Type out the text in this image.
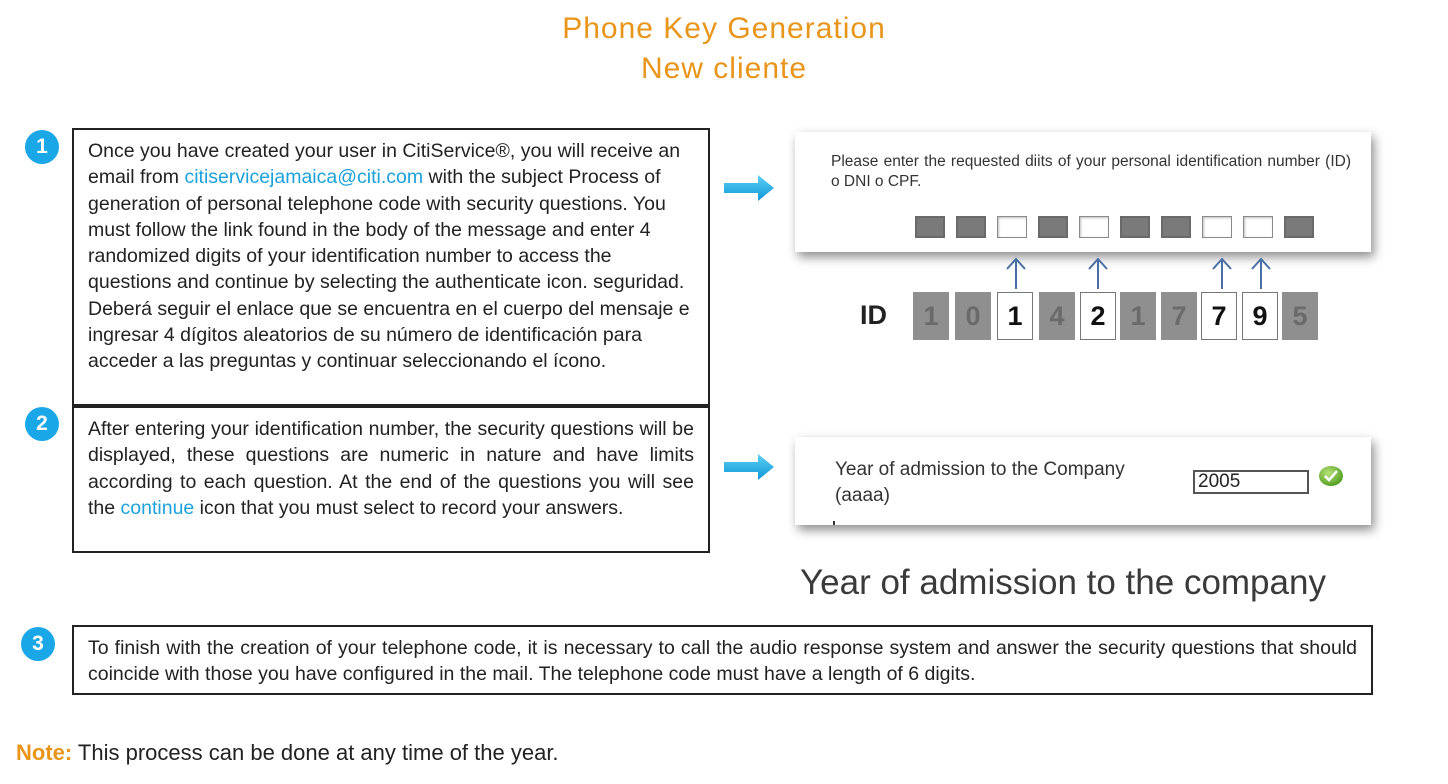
Phone Key Generation
New cliente
1	Once you have created your user in CitiService®, you will receive an email from citiservicejamaica@citi.com with the subject Process of generation of personal telephone code with security questions. You must follow the link found in the body of the message and enter 4 randomized digits of your identification number to access the questions and continue by selecting the authenticate icon. seguridad. Deberá seguir el enlace que se encuentra en el cuerpo del mensaje e ingresar 4 dígitos aleatorios de su número de identificación para acceder a las preguntas y continuar seleccionando el ícono.
2	After entering your identification number, the security questions will be displayed, these questions are numeric in nature and have limits according to each question. At the end of the questions you will see the continue icon that you must select to record your answers.
3	To finish with the creation of your telephone code, it is necessary to call the audio response system and answer the security questions that should coincide with those you have configured in the mail. The telephone code must have a length of 6 digits.
Please enter the requested diits of your personal identification number (ID) o DNI o CPF.
ID	1 0 1 4 2 1 7 7 9 5
Year of admission to the Company (aaaa)
2005
Year of admission to the company
Note: This process can be done at any time of the year.
